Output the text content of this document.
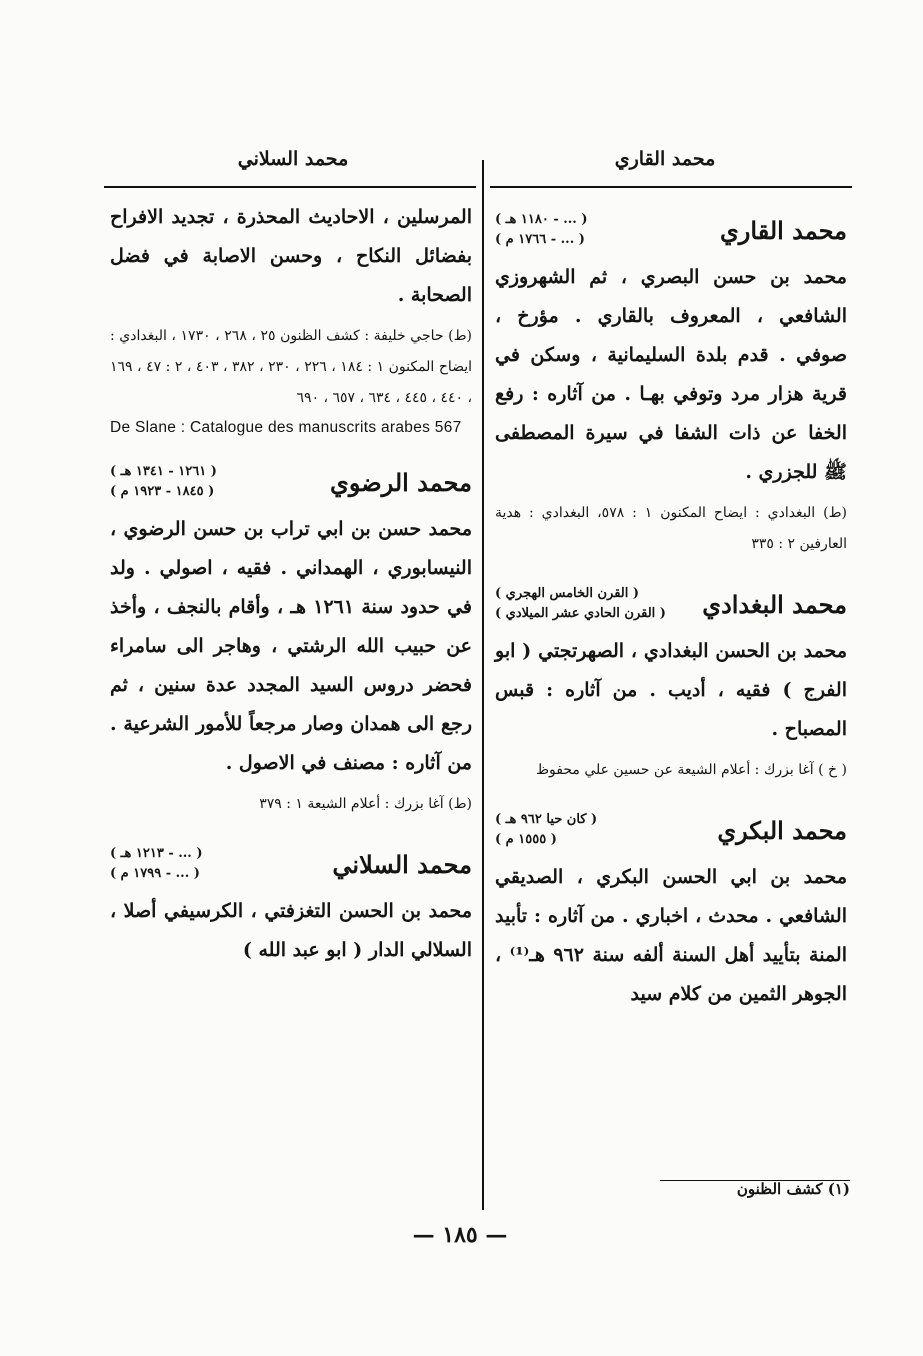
محمد القاري
محمد السلاني
محمد القاري
( ... - ١١٨٠ هـ )
( ... - ١٧٦٦ م )

محمد بن حسن البصري ، ثم الشهروزي الشافعي ، المعروف بالقاري . مؤرخ ، صوفي . قدم بلدة السليمانية ، وسكن في قرية هزار مرد وتوفي بهـا . من آثاره : رفع الخفا عن ذات الشفا في سيرة المصطفى ﷺ للجزري .

(ط) البغدادي : ايضاح المكنون ١ : ٥٧٨، البغدادي : هدية العارفين ٢ : ٣٣٥

محمد البغدادي
( القرن الخامس الهجري )
( القرن الحادي عشر الميلادي )

محمد بن الحسن البغدادي ، الصهرتجتي ( ابو الفرج ) فقيه ، أديب . من آثاره : قبس المصباح .

( خ ) آغا بزرك : أعلام الشيعة عن حسين علي محفوظ

محمد البكري
( كان حيا ٩٦٢ هـ )
( ١٥٥٥ م )

محمد بن ابي الحسن البكري ، الصديقي الشافعي . محدث ، اخباري . من آثاره : تأبيد المنة بتأييد أهل السنة ألفه سنة ٩٦٢ هـ⁽¹⁾ ، الجوهر الثمين من كلام سيد

المرسلين ، الاحاديث المحذرة ، تجديد الافراح بفضائل النكاح ، وحسن الاصابة في فضل الصحابة .

(ط) حاجي خليفة : كشف الظنون ٢٥ ، ٢٦٨ ، ١٧٣٠ ، البغدادي : ايضاح المكنون ١ : ١٨٤ ، ٢٢٦ ، ٢٣٠ ، ٣٨٢ ، ٤٠٣ ، ٢ : ٤٧ ، ١٦٩ ، ٤٤٠ ، ٤٤٥ ، ٦٣٤ ، ٦٥٧ ، ٦٩٠

De Slane : Catalogue des manuscrits arabes 567

محمد الرضوي
( ١٢٦١ - ١٣٤١ هـ )
( ١٨٤٥ - ١٩٢٣ م )

محمد حسن بن ابي تراب بن حسن الرضوي ، النيسابوري ، الهمداني . فقيه ، اصولي . ولد في حدود سنة ١٢٦١ هـ ، وأقام بالنجف ، وأخذ عن حبيب الله الرشتي ، وهاجر الى سامراء فحضر دروس السيد المجدد عدة سنين ، ثم رجع الى همدان وصار مرجعاً للأمور الشرعية . من آثاره : مصنف في الاصول .

(ط) آغا بزرك : أعلام الشيعة ١ : ٣٧٩

محمد السلاني
( ... - ١٢١٣ هـ )
( ... - ١٧٩٩ م )

محمد بن الحسن التغزفتي ، الكرسيفي أصلا ، السلالي الدار ( ابو عبد الله )

(١) كشف الظنون
— ١٨٥ —
